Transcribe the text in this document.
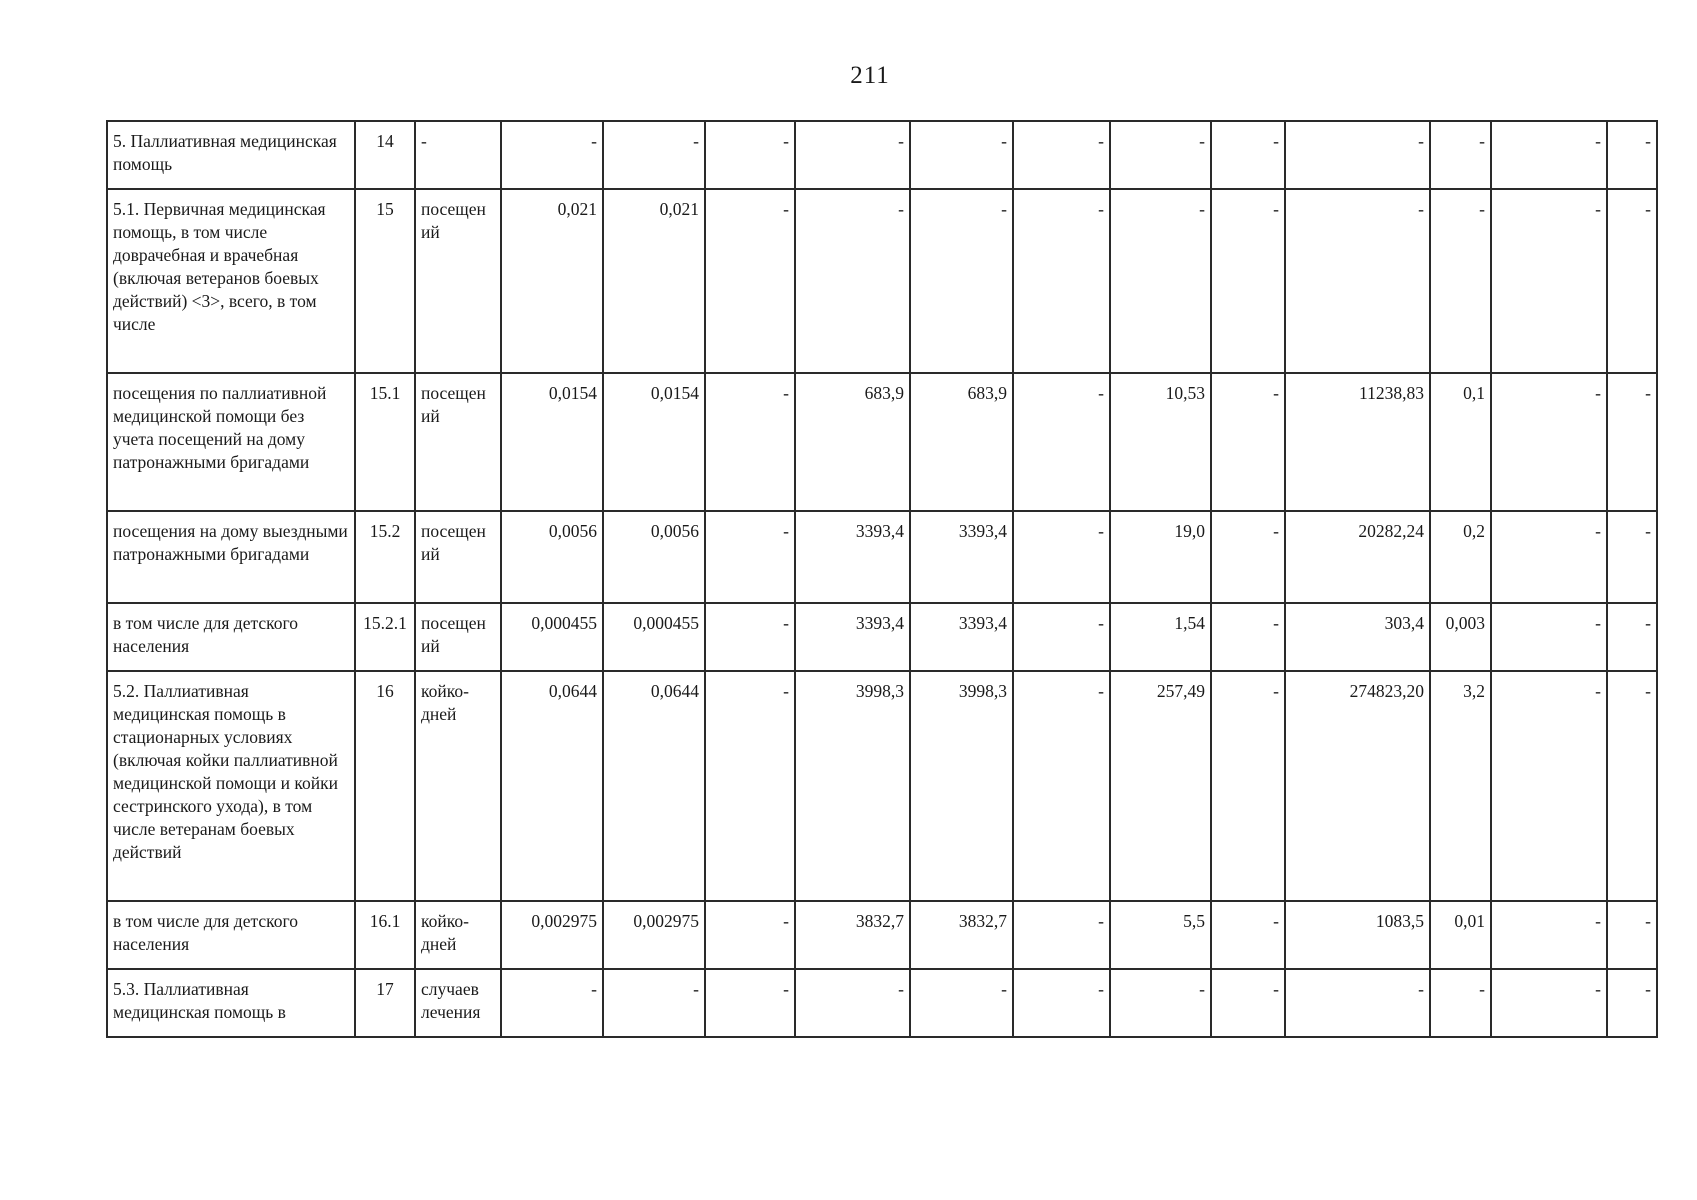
211
5. Паллиативная медицинская помощь	14	-	-	-	-	-	-	-	-	-	-	-	-	-
5.1. Первичная медицинская помощь, в том числе доврачебная и врачебная (включая ветеранов боевых действий) <3>, всего, в том числе	15	посещений	0,021	0,021	-	-	-	-	-	-	-	-	-	-
посещения по паллиативной медицинской помощи без учета посещений на дому патронажными бригадами	15.1	посещений	0,0154	0,0154	-	683,9	683,9	-	10,53	-	11238,83	0,1	-	-
посещения на дому выездными патронажными бригадами	15.2	посещений	0,0056	0,0056	-	3393,4	3393,4	-	19,0	-	20282,24	0,2	-	-
в том числе для детского населения	15.2.1	посещений	0,000455	0,000455	-	3393,4	3393,4	-	1,54	-	303,4	0,003	-	-
5.2. Паллиативная медицинская помощь в стационарных условиях (включая койки паллиативной медицинской помощи и койки сестринского ухода), в том числе ветеранам боевых действий	16	койко-дней	0,0644	0,0644	-	3998,3	3998,3	-	257,49	-	274823,20	3,2	-	-
в том числе для детского населения	16.1	койко-дней	0,002975	0,002975	-	3832,7	3832,7	-	5,5	-	1083,5	0,01	-	-
5.3. Паллиативная медицинская помощь в	17	случаев лечения	-	-	-	-	-	-	-	-	-	-	-	-
